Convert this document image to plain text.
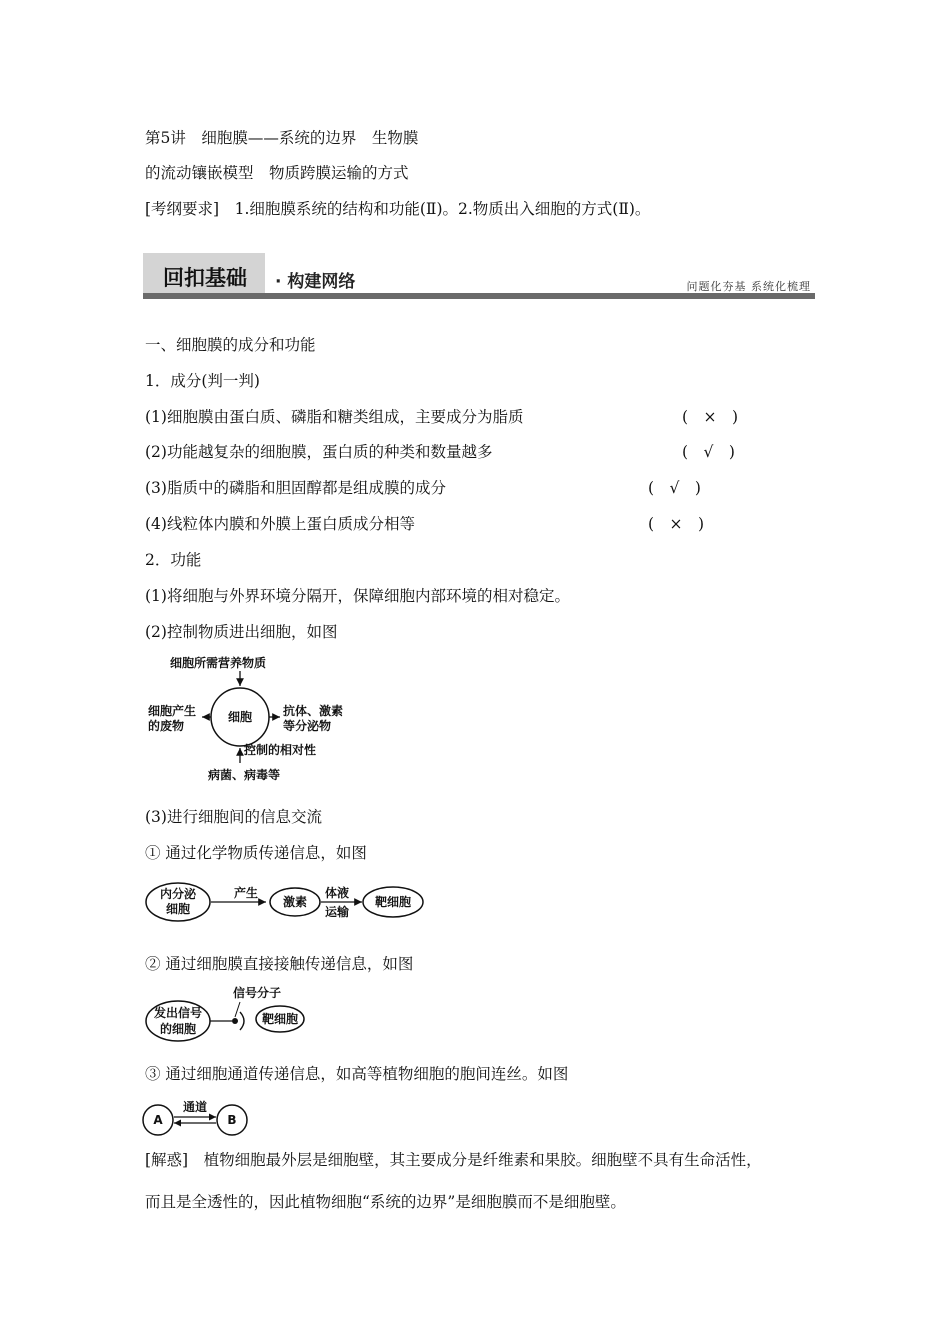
第5讲　细胞膜——系统的边界　生物膜
的流动镶嵌模型　物质跨膜运输的方式
[考纲要求]　1.细胞膜系统的结构和功能(Ⅱ)。2.物质出入细胞的方式(Ⅱ)。
回扣基础 · 构建网络	问题化夯基 系统化梳理
一、细胞膜的成分和功能
1．成分(判一判)
(1)细胞膜由蛋白质、磷脂和糖类组成，主要成分为脂质	(　×　)
(2)功能越复杂的细胞膜，蛋白质的种类和数量越多	(　√　)
(3)脂质中的磷脂和胆固醇都是组成膜的成分	(　√　)
(4)线粒体内膜和外膜上蛋白质成分相等	(　×　)
2．功能
(1)将细胞与外界环境分隔开，保障细胞内部环境的相对稳定。
(2)控制物质进出细胞，如图
细胞
细胞所需营养物质
细胞产生
的废物
抗体、激素
等分泌物
控制的相对性
病菌、病毒等
(3)进行细胞间的信息交流
① 通过化学物质传递信息，如图
内分泌
细胞
产生
激素
体液
运输
靶细胞
② 通过细胞膜直接接触传递信息，如图
发出信号
的细胞
信号分子
靶细胞
③ 通过细胞通道传递信息，如高等植物细胞的胞间连丝。如图
A	B
通道
[解惑]　植物细胞最外层是细胞壁，其主要成分是纤维素和果胶。细胞壁不具有生命活性，
而且是全透性的，因此植物细胞“系统的边界”是细胞膜而不是细胞壁。
